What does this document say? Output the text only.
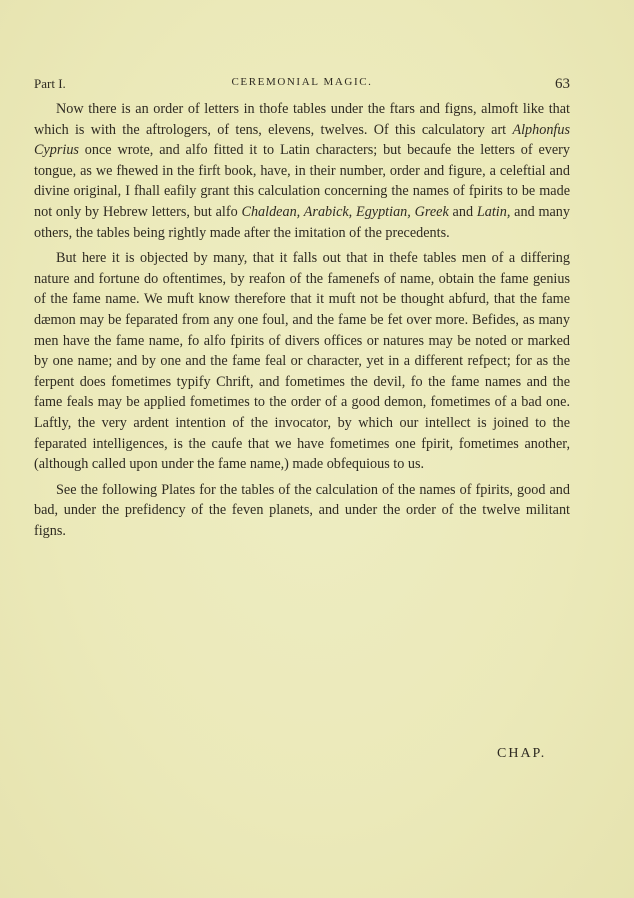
Part I.	CEREMONIAL MAGIC.	63

Now there is an order of letters in thofe tables under the ftars and figns, almoft like that which is with the aftrologers, of tens, elevens, twelves. Of this calculatory art Alphonfus Cyprius once wrote, and alfo fitted it to Latin characters; but becaufe the letters of every tongue, as we fhewed in the firft book, have, in their number, order and figure, a celeftial and divine original, I fhall eafily grant this calculation concerning the names of fpirits to be made not only by Hebrew letters, but alfo Chaldean, Arabick, Egyptian, Greek and Latin, and many others, the tables being rightly made after the imitation of the precedents.

But here it is objected by many, that it falls out that in thefe tables men of a differing nature and fortune do oftentimes, by reafon of the famenefs of name, obtain the fame genius of the fame name. We muft know therefore that it muft not be thought abfurd, that the fame dæmon may be feparated from any one foul, and the fame be fet over more. Befides, as many men have the fame name, fo alfo fpirits of divers offices or natures may be noted or marked by one name; and by one and the fame feal or character, yet in a different refpect; for as the ferpent does fometimes typify Chrift, and fometimes the devil, fo the fame names and the fame feals may be applied fometimes to the order of a good demon, fometimes of a bad one. Laftly, the very ardent intention of the invocator, by which our intellect is joined to the feparated intelligences, is the caufe that we have fometimes one fpirit, fometimes another, (although called upon under the fame name,) made obfequious to us.

See the following Plates for the tables of the calculation of the names of fpirits, good and bad, under the prefidency of the feven planets, and under the order of the twelve militant figns.

CHAP.
